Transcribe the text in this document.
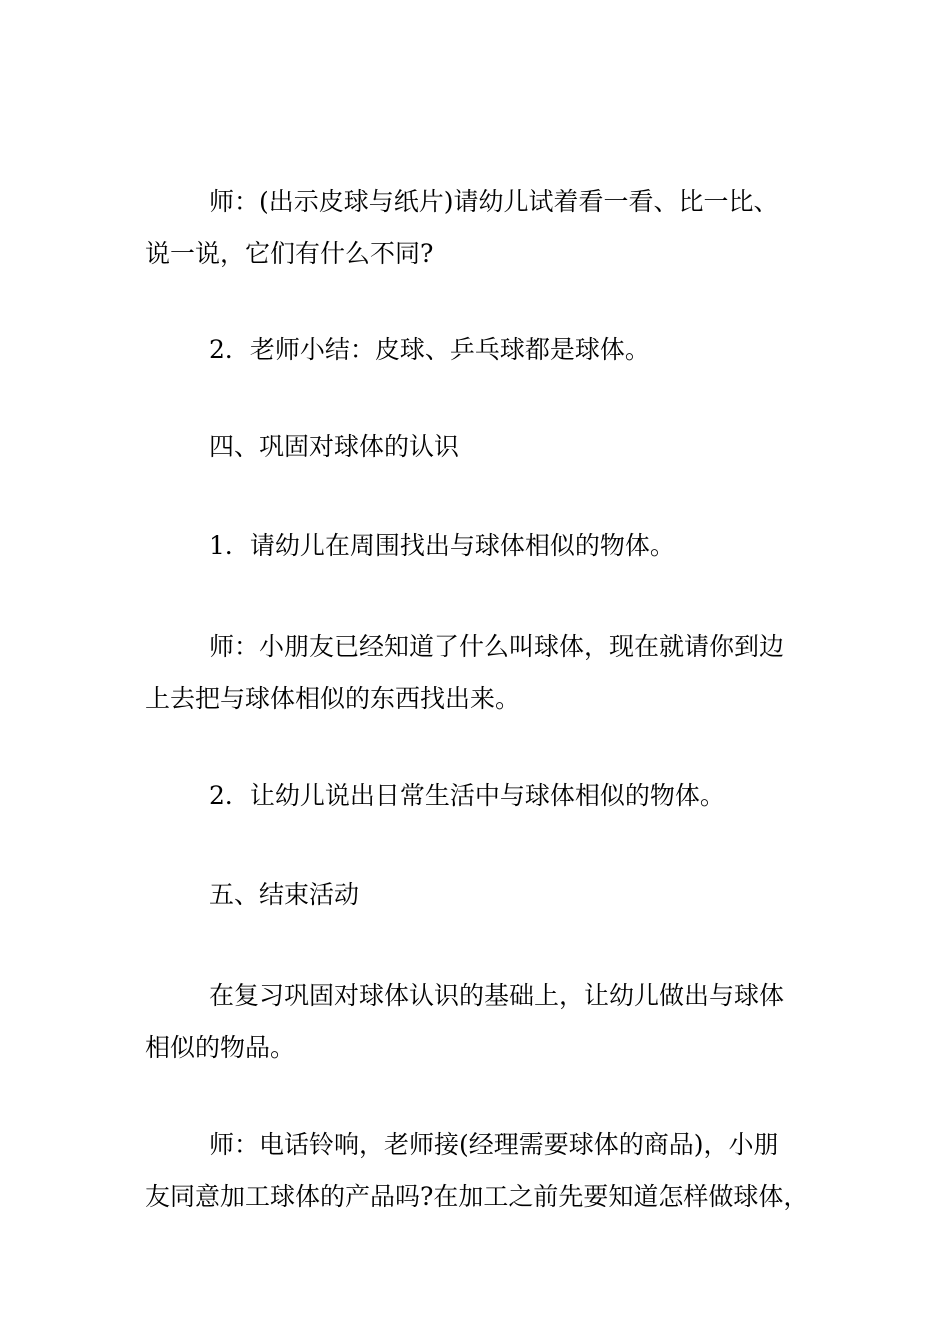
师：(出示皮球与纸片)请幼儿试着看一看、比一比、
说一说，它们有什么不同?

2．老师小结：皮球、乒乓球都是球体。

四、巩固对球体的认识

1．请幼儿在周围找出与球体相似的物体。

师：小朋友已经知道了什么叫球体，现在就请你到边
上去把与球体相似的东西找出来。

2．让幼儿说出日常生活中与球体相似的物体。

五、结束活动

在复习巩固对球体认识的基础上，让幼儿做出与球体
相似的物品。

师：电话铃响，老师接(经理需要球体的商品)，小朋
友同意加工球体的产品吗?在加工之前先要知道怎样做球体，
